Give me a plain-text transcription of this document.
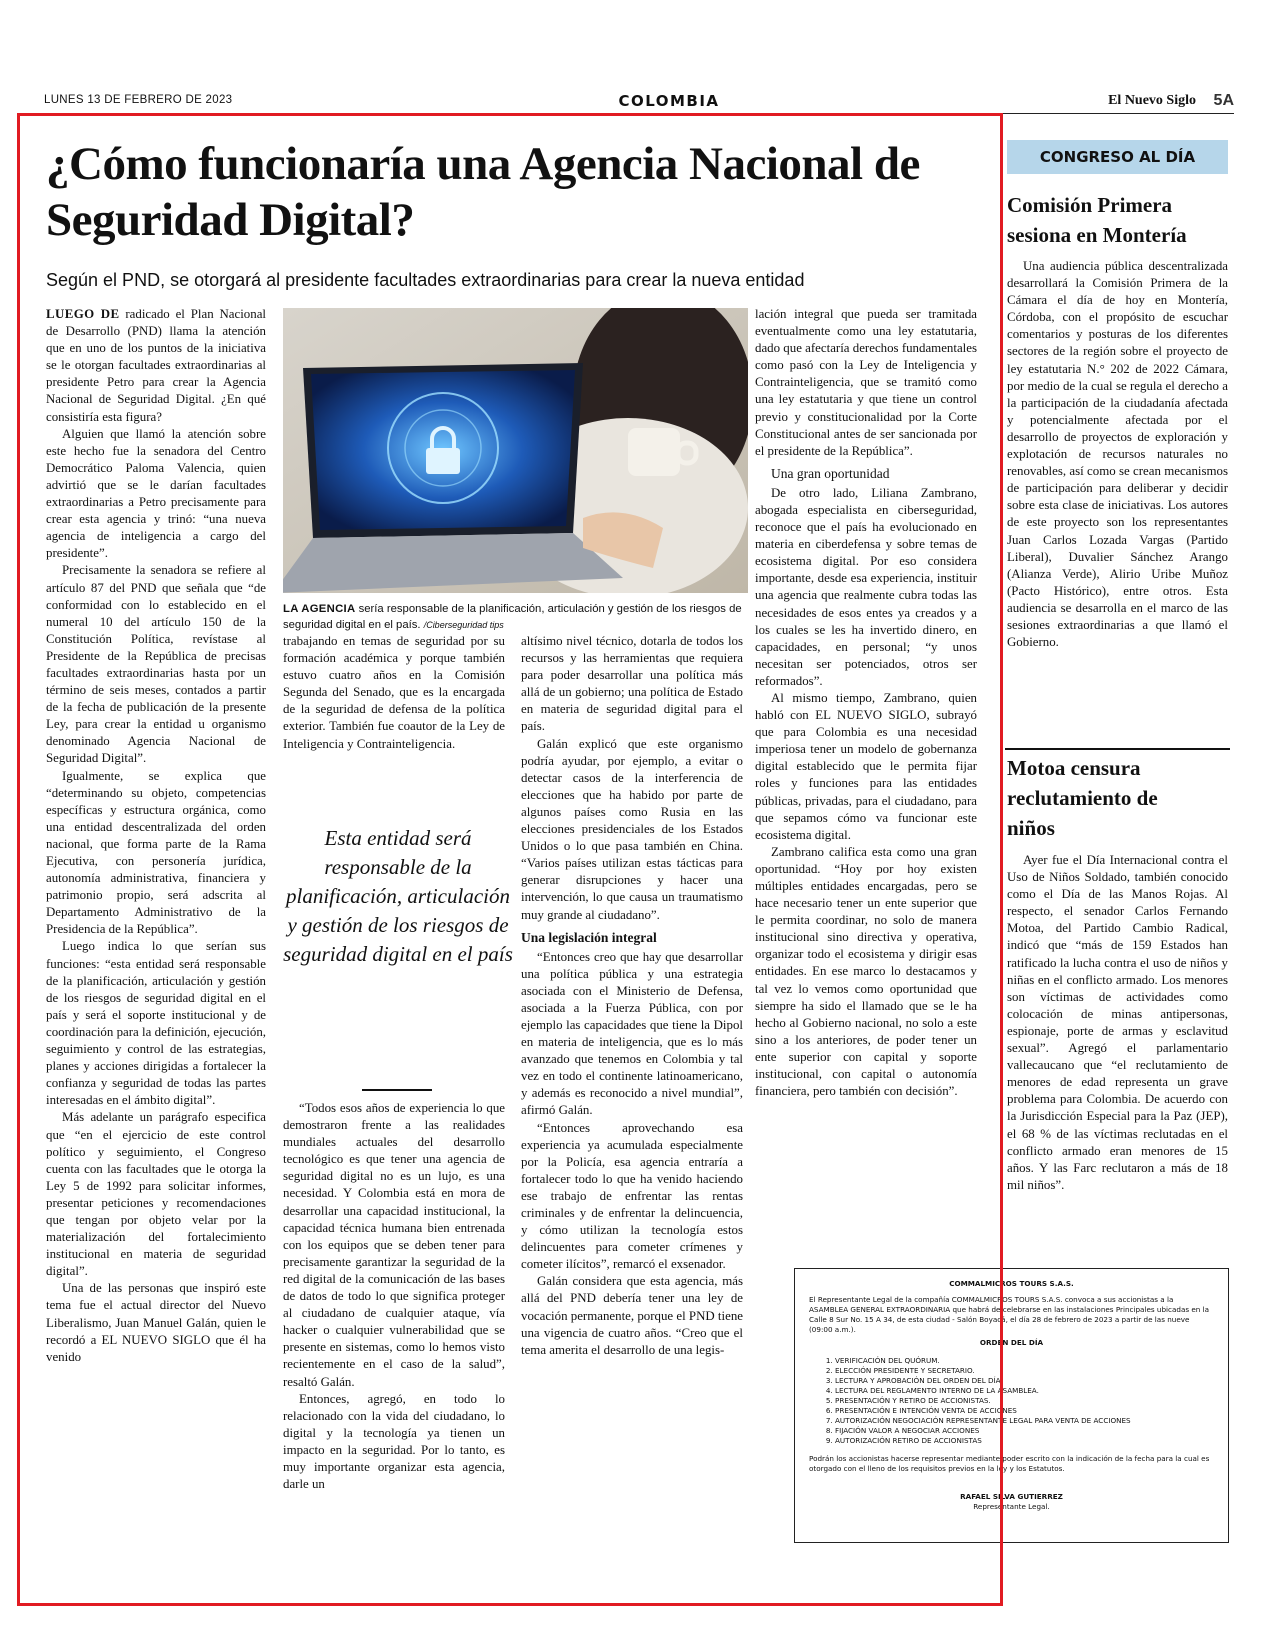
LUNES 13 DE FEBRERO DE 2023	COLOMBIA	El Nuevo Siglo 5A
¿Cómo funcionaría una Agencia Nacional de Seguridad Digital?
Según el PND, se otorgará al presidente facultades extraordinarias para crear la nueva entidad

LUEGO DE radicado el Plan Nacional de Desarrollo (PND) llama la atención que en uno de los puntos de la iniciativa se le otorgan facultades extraordinarias al presidente Petro para crear la Agencia Nacional de Seguridad Digital. ¿En qué consistiría esta figura?

Alguien que llamó la atención sobre este hecho fue la senadora del Centro Democrático Paloma Valencia, quien advirtió que se le darían facultades extraordinarias a Petro precisamente para crear esta agencia y trinó: “una nueva agencia de inteligencia a cargo del presidente”.

Precisamente la senadora se refiere al artículo 87 del PND que señala que “de conformidad con lo establecido en el numeral 10 del artículo 150 de la Constitución Política, revístase al Presidente de la República de precisas facultades extraordinarias hasta por un término de seis meses, contados a partir de la fecha de publicación de la presente Ley, para crear la entidad u organismo denominado Agencia Nacional de Seguridad Digital”.

Igualmente, se explica que “determinando su objeto, competencias específicas y estructura orgánica, como una entidad descentralizada del orden nacional, que forma parte de la Rama Ejecutiva, con personería jurídica, autonomía administrativa, financiera y patrimonio propio, será adscrita al Departamento Administrativo de la Presidencia de la República”.

Luego indica lo que serían sus funciones: “esta entidad será responsable de la planificación, articulación y gestión de los riesgos de seguridad digital en el país y será el soporte institucional y de coordinación para la definición, ejecución, seguimiento y control de las estrategias, planes y acciones dirigidas a fortalecer la confianza y seguridad de todas las partes interesadas en el ámbito digital”.

Más adelante un parágrafo especifica que “en el ejercicio de este control político y seguimiento, el Congreso cuenta con las facultades que le otorga la Ley 5 de 1992 para solicitar informes, presentar peticiones y recomendaciones que tengan por objeto velar por la materialización del fortalecimiento institucional en materia de seguridad digital”.

Una de las personas que inspiró este tema fue el actual director del Nuevo Liberalismo, Juan Manuel Galán, quien le recordó a EL NUEVO SIGLO que él ha venido

LA AGENCIA sería responsable de la planificación, articulación y gestión de los riesgos de seguridad digital en el país. /Ciberseguridad tips

trabajando en temas de seguridad por su formación académica y porque también estuvo cuatro años en la Comisión Segunda del Senado, que es la encargada de la seguridad de defensa de la política exterior. También fue coautor de la Ley de Inteligencia y Contrainteligencia.

Esta entidad será responsable de la planificación, articulación y gestión de los riesgos de seguridad digital en el país

“Todos esos años de experiencia lo que demostraron frente a las realidades mundiales actuales del desarrollo tecnológico es que tener una agencia de seguridad digital no es un lujo, es una necesidad. Y Colombia está en mora de desarrollar una capacidad institucional, la capacidad técnica humana bien entrenada con los equipos que se deben tener para precisamente garantizar la seguridad de la red digital de la comunicación de las bases de datos de todo lo que significa proteger al ciudadano de cualquier ataque, vía hacker o cualquier vulnerabilidad que se presente en sistemas, como lo hemos visto recientemente en el caso de la salud”, resaltó Galán.

Entonces, agregó, en todo lo relacionado con la vida del ciudadano, lo digital y la tecnología ya tienen un impacto en la seguridad. Por lo tanto, es muy importante organizar esta agencia, darle un

altísimo nivel técnico, dotarla de todos los recursos y las herramientas que requiera para poder desarrollar una política más allá de un gobierno; una política de Estado en materia de seguridad digital para el país.

Galán explicó que este organismo podría ayudar, por ejemplo, a evitar o detectar casos de la interferencia de elecciones que ha habido por parte de algunos países como Rusia en las elecciones presidenciales de los Estados Unidos o lo que pasa también en China. “Varios países utilizan estas tácticas para generar disrupciones y hacer una intervención, lo que causa un traumatismo muy grande al ciudadano”.

Una legislación integral

“Entonces creo que hay que desarrollar una política pública y una estrategia asociada con el Ministerio de Defensa, asociada a la Fuerza Pública, con por ejemplo las capacidades que tiene la Dipol en materia de inteligencia, que es lo más avanzado que tenemos en Colombia y tal vez en todo el continente latinoamericano, y además es reconocido a nivel mundial”, afirmó Galán.

“Entonces aprovechando esa experiencia ya acumulada especialmente por la Policía, esa agencia entraría a fortalecer todo lo que ha venido haciendo ese trabajo de enfrentar las rentas criminales y de enfrentar la delincuencia, y cómo utilizan la tecnología estos delincuentes para cometer crímenes y cometer ilícitos”, remarcó el exsenador.

Galán considera que esta agencia, más allá del PND debería tener una ley de vocación permanente, porque el PND tiene una vigencia de cuatro años. “Creo que el tema amerita el desarrollo de una legis-

lación integral que pueda ser tramitada eventualmente como una ley estatutaria, dado que afectaría derechos fundamentales como pasó con la Ley de Inteligencia y Contrainteligencia, que se tramitó como una ley estatutaria y que tiene un control previo y constitucionalidad por la Corte Constitucional antes de ser sancionada por el presidente de la República”.

Una gran oportunidad

De otro lado, Liliana Zambrano, abogada especialista en ciberseguridad, reconoce que el país ha evolucionado en materia en ciberdefensa y sobre temas de ecosistema digital. Por eso considera importante, desde esa experiencia, instituir una agencia que realmente cubra todas las necesidades de esos entes ya creados y a los cuales se les ha invertido dinero, en capacidades, en personal; “y unos necesitan ser potenciados, otros ser reformados”.

Al mismo tiempo, Zambrano, quien habló con EL NUEVO SIGLO, subrayó que para Colombia es una necesidad imperiosa tener un modelo de gobernanza digital establecido que le permita fijar roles y funciones para las entidades públicas, privadas, para el ciudadano, para que sepamos cómo va funcionar este ecosistema digital.

Zambrano califica esta como una gran oportunidad. “Hoy por hoy existen múltiples entidades encargadas, pero se hace necesario tener un ente superior que le permita coordinar, no solo de manera institucional sino directiva y operativa, organizar todo el ecosistema y dirigir esas entidades. En ese marco lo destacamos y tal vez lo vemos como oportunidad que siempre ha sido el llamado que se le ha hecho al Gobierno nacional, no solo a este sino a los anteriores, de poder tener un ente superior con capital y soporte institucional, con capital o autonomía financiera, pero también con decisión”.

CONGRESO AL DÍA
Comisión Primera sesiona en Montería

Una audiencia pública descentralizada desarrollará la Comisión Primera de la Cámara el día de hoy en Montería, Córdoba, con el propósito de escuchar comentarios y posturas de los diferentes sectores de la región sobre el proyecto de ley estatutaria N.° 202 de 2022 Cámara, por medio de la cual se regula el derecho a la participación de la ciudadanía afectada y potencialmente afectada por el desarrollo de proyectos de exploración y explotación de recursos naturales no renovables, así como se crean mecanismos de participación para deliberar y decidir sobre esta clase de iniciativas. Los autores de este proyecto son los representantes Juan Carlos Lozada Vargas (Partido Liberal), Duvalier Sánchez Arango (Alianza Verde), Alirio Uribe Muñoz (Pacto Histórico), entre otros. Esta audiencia se desarrolla en el marco de las sesiones extraordinarias a que llamó el Gobierno.

Motoa censura reclutamiento de niños

Ayer fue el Día Internacional contra el Uso de Niños Soldado, también conocido como el Día de las Manos Rojas. Al respecto, el senador Carlos Fernando Motoa, del Partido Cambio Radical, indicó que “más de 159 Estados han ratificado la lucha contra el uso de niños y niñas en el conflicto armado. Los menores son víctimas de actividades como colocación de minas antipersonas, espionaje, porte de armas y esclavitud sexual”. Agregó el parlamentario vallecaucano que “el reclutamiento de menores de edad representa un grave problema para Colombia. De acuerdo con la Jurisdicción Especial para la Paz (JEP), el 68 % de las víctimas reclutadas en el conflicto armado eran menores de 15 años. Y las Farc reclutaron a más de 18 mil niños”.

COMMALMICROS TOURS S.A.S.
El Representante Legal de la compañía COMMALMICROS TOURS S.A.S. convoca a sus accionistas a la ASAMBLEA GENERAL EXTRAORDINARIA que habrá de celebrarse en las instalaciones Principales ubicadas en la Calle 8 Sur No. 15 A 34, de esta ciudad - Salón Boyacá, el día 28 de febrero de 2023 a partir de las nueve (09:00 a.m.).
ORDEN DEL DÍA
1. VERIFICACIÓN DEL QUÓRUM.
2. ELECCIÓN PRESIDENTE Y SECRETARIO.
3. LECTURA Y APROBACIÓN DEL ORDEN DEL DÍA.
4. LECTURA DEL REGLAMENTO INTERNO DE LA ASAMBLEA.
5. PRESENTACIÓN Y RETIRO DE ACCIONISTAS.
6. PRESENTACIÓN E INTENCIÓN VENTA DE ACCIONES
7. AUTORIZACIÓN NEGOCIACIÓN REPRESENTANTE LEGAL PARA VENTA DE ACCIONES
8. FIJACIÓN VALOR A NEGOCIAR ACCIONES
9. AUTORIZACIÓN RETIRO DE ACCIONISTAS
Podrán los accionistas hacerse representar mediante poder escrito con la indicación de la fecha para la cual es otorgado con el lleno de los requisitos previos en la ley y los Estatutos.
RAFAEL SILVA GUTIERREZ
Representante Legal.
